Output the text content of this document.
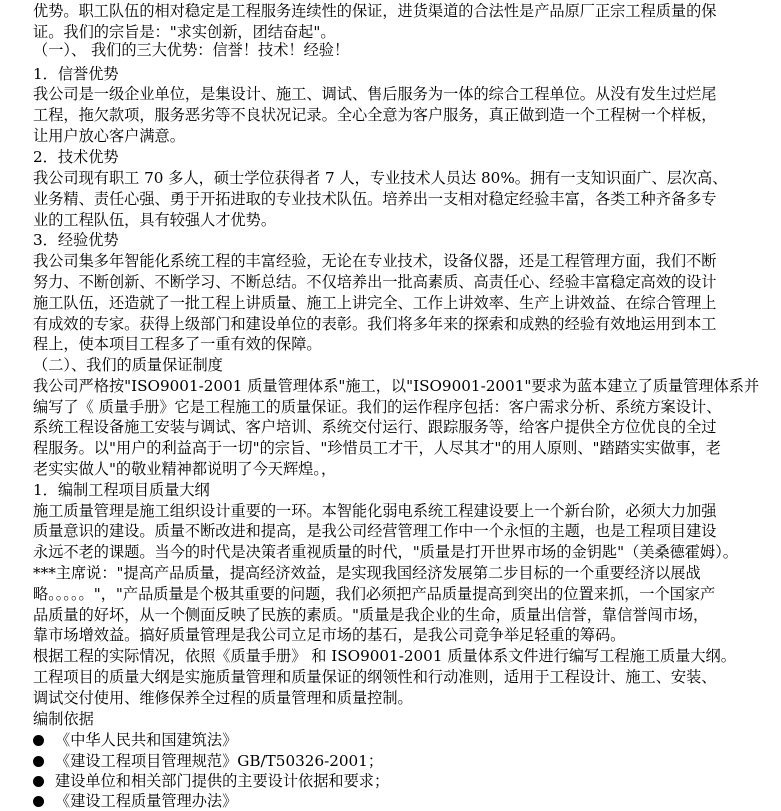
优势。职工队伍的相对稳定是工程服务连续性的保证，进货渠道的合法性是产品原厂正宗工程质量的保
证。我们的宗旨是："求实创新，团结奋起"。
（一）、 我们的三大优势：信誉！技术！经验！
1．信誉优势
我公司是一级企业单位，是集设计、施工、调试、售后服务为一体的综合工程单位。从没有发生过烂尾
工程，拖欠款项，服务恶劣等不良状况记录。全心全意为客户服务，真正做到造一个工程树一个样板，
让用户放心客户满意。
2．技术优势
我公司现有职工 70 多人，硕士学位获得者 7 人，专业技术人员达 80%。拥有一支知识面广、层次高、
业务精、责任心强、勇于开拓进取的专业技术队伍。培养出一支相对稳定经验丰富，各类工种齐备多专
业的工程队伍，具有较强人才优势。
3．经验优势
我公司集多年智能化系统工程的丰富经验，无论在专业技术，设备仪器，还是工程管理方面，我们不断
努力、不断创新、不断学习、不断总结。不仅培养出一批高素质、高责任心、经验丰富稳定高效的设计
施工队伍，还造就了一批工程上讲质量、施工上讲完全、工作上讲效率、生产上讲效益、在综合管理上
有成效的专家。获得上级部门和建设单位的表彰。我们将多年来的探索和成熟的经验有效地运用到本工
程上，使本项目工程多了一重有效的保障。
（二）、我们的质量保证制度
我公司严格按"ISO9001-2001 质量管理体系"施工，以"ISO9001-2001"要求为蓝本建立了质量管理体系并
编写了《 质量手册》它是工程施工的质量保证。我们的运作程序包括：客户需求分析、系统方案设计、
系统工程设备施工安装与调试、客户培训、系统交付运行、跟踪服务等，给客户提供全方位优良的全过
程服务。以"用户的利益高于一切"的宗旨、"珍惜员工才干，人尽其才"的用人原则、"踏踏实实做事，老
老实实做人"的敬业精神都说明了今天辉煌。，
1．编制工程项目质量大纲
施工质量管理是施工组织设计重要的一环。本智能化弱电系统工程建设要上一个新台阶，必须大力加强
质量意识的建设。质量不断改进和提高，是我公司经营管理工作中一个永恒的主题，也是工程项目建设
永远不老的课题。当今的时代是决策者重视质量的时代，"质量是打开世界市场的金钥匙"（美桑德霍姆）。
***主席说："提高产品质量，提高经济效益，是实现我国经济发展第二步目标的一个重要经济以展战
略。。。。。"，"产品质量是个极其重要的问题，我们必须把产品质量提高到突出的位置来抓，一个国家产
品质量的好坏，从一个侧面反映了民族的素质。"质量是我企业的生命，质量出信誉，靠信誉闯市场，
靠市场增效益。搞好质量管理是我公司立足市场的基石，是我公司竟争举足轻重的筹码。
根据工程的实际情况，依照《质量手册》 和 ISO9001-2001 质量体系文件进行编写工程施工质量大纲。
工程项目的质量大纲是实施质量管理和质量保证的纲领性和行动准则，适用于工程设计、施工、安装、
调试交付使用、维修保养全过程的质量管理和质量控制。
编制依据
《中华人民共和国建筑法》
《建设工程项目管理规范》GB/T50326-2001；
建设单位和相关部门提供的主要设计依据和要求；
《建设工程质量管理办法》
